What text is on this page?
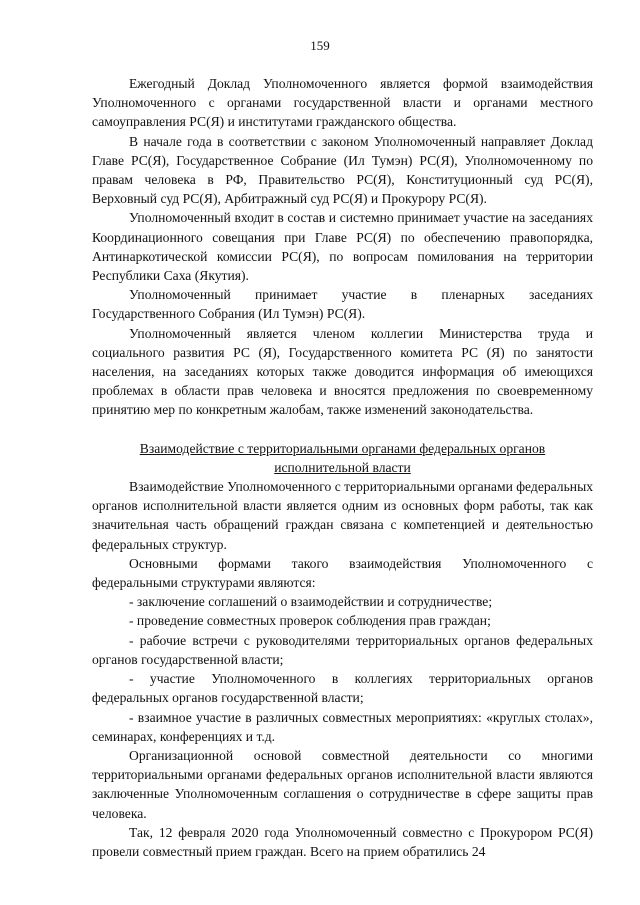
159

Ежегодный Доклад Уполномоченного является формой взаимодействия Уполномоченного с органами государственной власти и органами местного самоуправления РС(Я) и институтами гражданского общества.

В начале года в соответствии с законом Уполномоченный направляет Доклад Главе РС(Я), Государственное Собрание (Ил Тумэн) РС(Я), Уполномоченному по правам человека в РФ, Правительство РС(Я), Конституционный суд РС(Я), Верховный суд РС(Я), Арбитражный суд РС(Я) и Прокурору РС(Я).

Уполномоченный входит в состав и системно принимает участие на заседаниях Координационного совещания при Главе РС(Я) по обеспечению правопорядка, Антинаркотической комиссии РС(Я), по вопросам помилования на территории Республики Саха (Якутия).

Уполномоченный принимает участие в пленарных заседаниях Государственного Собрания (Ил Тумэн) РС(Я).

Уполномоченный является членом коллегии Министерства труда и социального развития РС (Я), Государственного комитета РС (Я) по занятости населения, на заседаниях которых также доводится информация об имеющихся проблемах в области прав человека и вносятся предложения по своевременному принятию мер по конкретным жалобам, также изменений законодательства.

Взаимодействие с территориальными органами федеральных органов исполнительной власти

Взаимодействие Уполномоченного с территориальными органами федеральных органов исполнительной власти является одним из основных форм работы, так как значительная часть обращений граждан связана с компетенцией и деятельностью федеральных структур.

Основными формами такого взаимодействия Уполномоченного с федеральными структурами являются:

- заключение соглашений о взаимодействии и сотрудничестве;

- проведение совместных проверок соблюдения прав граждан;

- рабочие встречи с руководителями территориальных органов федеральных органов государственной власти;

- участие Уполномоченного в коллегиях территориальных органов федеральных органов государственной власти;

- взаимное участие в различных совместных мероприятиях: «круглых столах», семинарах, конференциях и т.д.

Организационной основой совместной деятельности со многими территориальными органами федеральных органов исполнительной власти являются заключенные Уполномоченным соглашения о сотрудничестве в сфере защиты прав человека.

Так, 12 февраля 2020 года Уполномоченный совместно с Прокурором РС(Я) провели совместный прием граждан. Всего на прием обратились 24
